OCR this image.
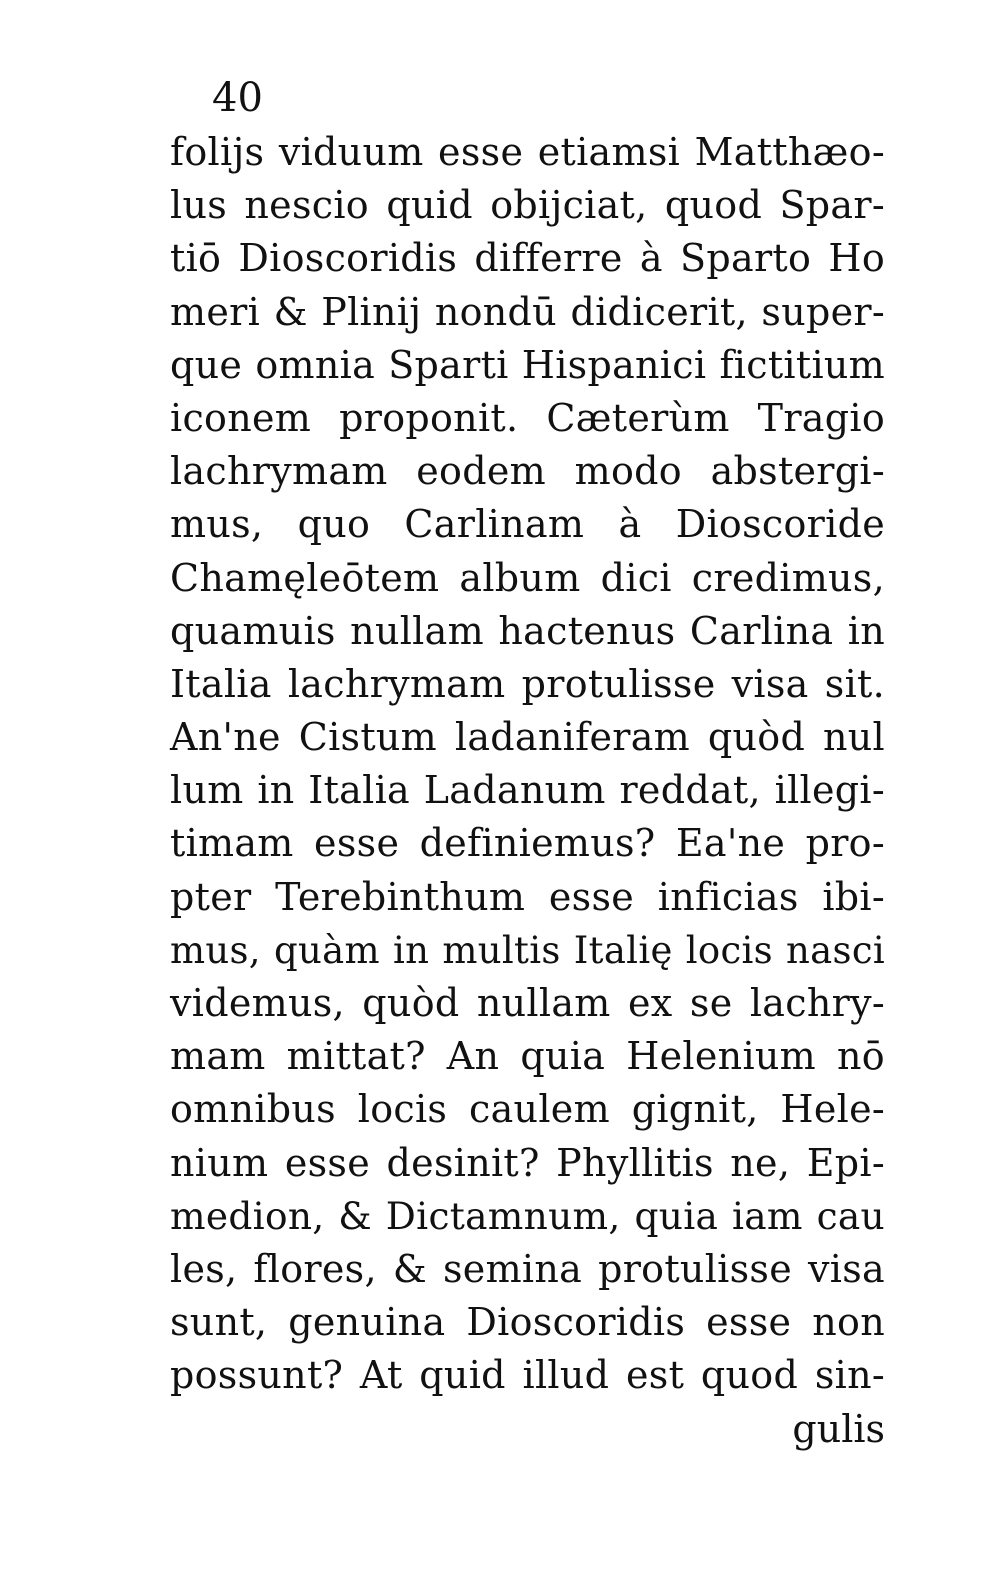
40
folijs viduum esse etiamsi Matthæo-
lus nescio quid obijciat, quod Spar-
tiō Dioscoridis differre à Sparto Ho
meri & Plinij nondū didicerit, super-
que omnia Sparti Hispanici fictitium
iconem proponit. Cæterùm Tragio
lachrymam eodem modo abstergi-
mus, quo Carlinam à Dioscoride
Chamęleōtem album dici credimus,
quamuis nullam hactenus Carlina in
Italia lachrymam protulisse visa sit.
An'ne Cistum ladaniferam quòd nul
lum in Italia Ladanum reddat, illegi-
timam esse definiemus? Ea'ne pro-
pter Terebinthum esse inficias ibi-
mus, quàm in multis Italię locis nasci
videmus, quòd nullam ex se lachry-
mam mittat? An quia Helenium nō
omnibus locis caulem gignit, Hele-
nium esse desinit? Phyllitis ne, Epi-
medion, & Dictamnum, quia iam cau
les, flores, & semina protulisse visa
sunt, genuina Dioscoridis esse non
possunt? At quid illud est quod sin-
gulis
